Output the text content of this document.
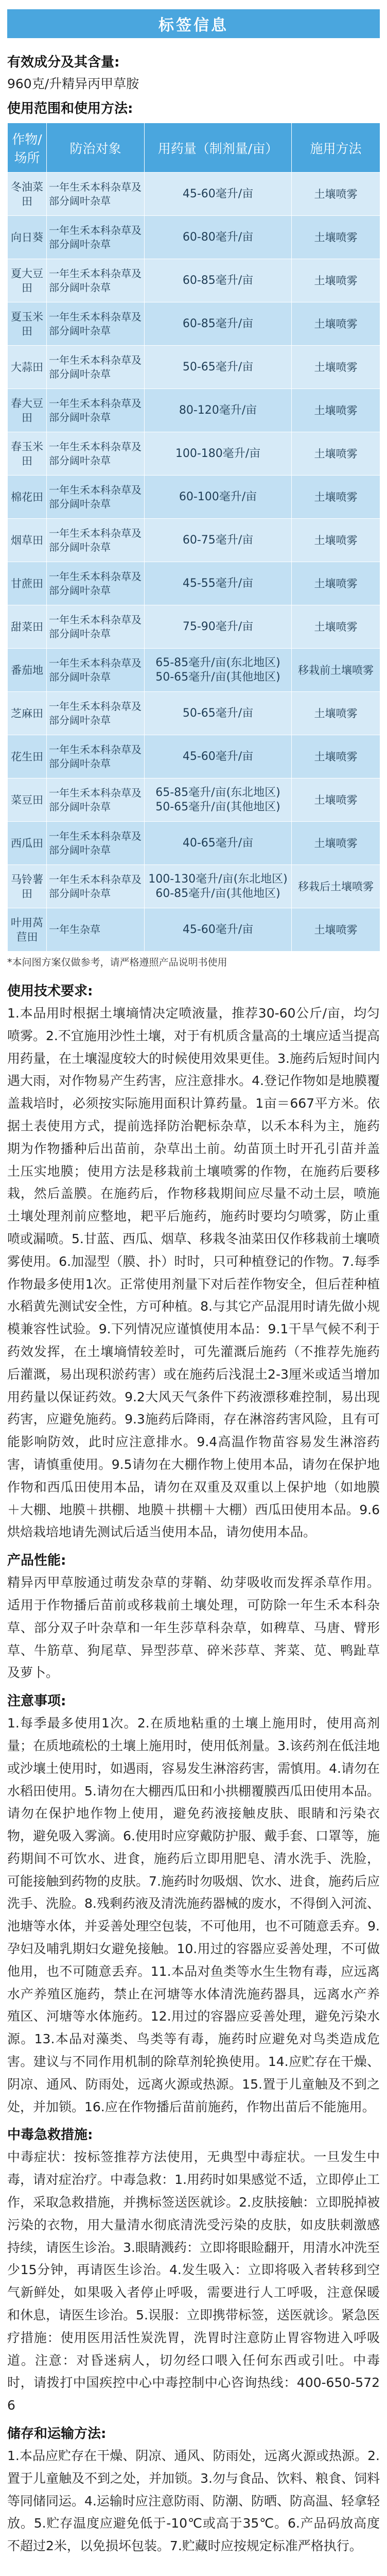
标签信息
有效成分及其含量:
960克/升精异丙甲草胺
使用范围和使用方法:
作物/场所	防治对象	用药量（制剂量/亩）	施用方法
冬油菜田	一年生禾本科杂草及部分阔叶杂草	45-60毫升/亩	土壤喷雾
向日葵	一年生禾本科杂草及部分阔叶杂草	60-80毫升/亩	土壤喷雾
夏大豆田	一年生禾本科杂草及部分阔叶杂草	60-85毫升/亩	土壤喷雾
夏玉米田	一年生禾本科杂草及部分阔叶杂草	60-85毫升/亩	土壤喷雾
大蒜田	一年生禾本科杂草及部分阔叶杂草	50-65毫升/亩	土壤喷雾
春大豆田	一年生禾本科杂草及部分阔叶杂草	80-120毫升/亩	土壤喷雾
春玉米田	一年生禾本科杂草及部分阔叶杂草	100-180毫升/亩	土壤喷雾
棉花田	一年生禾本科杂草及部分阔叶杂草	60-100毫升/亩	土壤喷雾
烟草田	一年生禾本科杂草及部分阔叶杂草	60-75毫升/亩	土壤喷雾
甘蔗田	一年生禾本科杂草及部分阔叶杂草	45-55毫升/亩	土壤喷雾
甜菜田	一年生禾本科杂草及部分阔叶杂草	75-90毫升/亩	土壤喷雾
番茄地	一年生禾本科杂草及部分阔叶杂草	65-85毫升/亩(东北地区) 50-65毫升/亩(其他地区)	移栽前土壤喷雾
芝麻田	一年生禾本科杂草及部分阔叶杂草	50-65毫升/亩	土壤喷雾
花生田	一年生禾本科杂草及部分阔叶杂草	45-60毫升/亩	土壤喷雾
菜豆田	一年生禾本科杂草及部分阔叶杂草	65-85毫升/亩(东北地区) 50-65毫升/亩(其他地区)	土壤喷雾
西瓜田	一年生禾本科杂草及部分阔叶杂草	40-65毫升/亩	土壤喷雾
马铃薯田	一年生禾本科杂草及部分阔叶杂草	100-130毫升/亩(东北地区) 60-85毫升/亩(其他地区)	移栽后土壤喷雾
叶用莴苣田	一年生杂草	45-60毫升/亩	土壤喷雾
*本问图方案仅做参考，请严格遵照产品说明书使用
使用技术要求:
1.本品用时根据土壤墒情决定喷液量，推荐30-60公斤/亩，均匀喷雾。2.不宜施用沙性土壤，对于有机质含量高的土壤应适当提高用药量，在土壤湿度较大的时候使用效果更佳。3.施药后短时间内遇大雨，对作物易产生药害，应注意排水。4.登记作物如是地膜覆盖栽培时，必须按实际施用面积计算药量。1亩＝667平方米。依据土表使用方式，提前选择防治靶标杂草，以禾本科为主，施药期为作物播种后出苗前，杂草出土前。幼苗顶土时开孔引苗并盖土压实地膜；使用方法是移栽前土壤喷雾的作物，在施药后要移栽，然后盖膜。在施药后，作物移栽期间应尽量不动土层，喷施土壤处理剂前应整地，耙平后施药，施药时要均匀喷雾，防止重喷或漏喷。5.甘蓝、西瓜、烟草、移栽冬油菜田仅作移栽前土壤喷雾使用。6.加湿型（膜、扑）时时，只可种植登记的作物。7.每季作物最多使用1次。正常使用剂量下对后茬作物安全，但后茬种植水稻黄先测试安全性，方可种植。8.与其它产品混用时请先做小规模兼容性试验。9.下列情况应谨慎使用本品：9.1干旱气候不利于药效发挥，在土壤墒情较差时，可先灌溉后施药（不推荐先施药后灌溉，易出现积淤药害）或在施药后浅混土2-3厘米或适当增加用药量以保证药效。9.2大风天气条件下药液漂移难控制，易出现药害，应避免施药。9.3施药后降雨，存在淋溶药害风险，且有可能影响防效，此时应注意排水。9.4高温作物苗容易发生淋溶药害，请慎重使用。9.5请勿在大棚作物上使用本品，请勿在保护地作物和西瓜田使用本品，请勿在双重及双重以上保护地（如地膜＋大棚、地膜＋拱棚、地膜＋拱棚＋大棚）西瓜田使用本品。9.6烘焙栽培地请先测试后适当使用本品，请勿使用本品。
产品性能:
精异丙甲草胺通过萌发杂草的芽鞘、幼芽吸收而发挥杀草作用。适用于作物播后苗前或移栽前土壤处理，可防除一年生禾本科杂草、部分双子叶杂草和一年生莎草科杂草，如稗草、马唐、臂形草、牛筋草、狗尾草、异型莎草、碎米莎草、荠菜、苋、鸭趾草及萝卜。
注意事项:
1.每季最多使用1次。2.在质地粘重的土壤上施用时，使用高剂量；在质地疏松的土壤上施用时，使用低剂量。3.该药剂在低洼地或沙壤土使用时，如遇雨，容易发生淋溶药害，需慎用。4.请勿在水稻田使用。5.请勿在大棚西瓜田和小拱棚覆膜西瓜田使用本品。请勿在保护地作物上使用，避免药液接触皮肤、眼睛和污染衣物，避免吸入雾滴。6.使用时应穿戴防护服、戴手套、口罩等，施药期间不可饮水、进食，施药后立即用肥皂、清水洗手、洗脸，可能接触到药物的皮肤。7.施药时勿吸烟、饮水、进食，施药后应洗手、洗脸。8.残剩药液及清洗施药器械的废水，不得倒入河流、池塘等水体，并妥善处理空包装，不可他用，也不可随意丢弃。9.孕妇及哺乳期妇女避免接触。10.用过的容器应妥善处理，不可做他用，也不可随意丢弃。11.本品对鱼类等水生生物有毒，应远离水产养殖区施药，禁止在河塘等水体清洗施药器具，远离水产养殖区、河塘等水体施药。12.用过的容器应妥善处理，避免污染水源。13.本品对藻类、鸟类等有毒，施药时应避免对鸟类造成危害。建议与不同作用机制的除草剂轮换使用。14.应贮存在干燥、阴凉、通风、防雨处，远离火源或热源。15.置于儿童触及不到之处，并加锁。16.应在作物播后苗前施药，作物出苗后不能施用。
中毒急救措施:
中毒症状：按标签推荐方法使用，无典型中毒症状。一旦发生中毒，请对症治疗。中毒急救：1.用药时如果感觉不适，立即停止工作，采取急救措施，并携标签送医就诊。2.皮肤接触：立即脱掉被污染的衣物，用大量清水彻底清洗受污染的皮肤，如皮肤刺激感持续，请医生诊治。3.眼睛溅药：立即将眼睑翻开，用清水冲洗至少15分钟，再请医生诊治。4.发生吸入：立即将吸入者转移到空气新鲜处，如果吸入者停止呼吸，需要进行人工呼吸，注意保暖和休息，请医生诊治。5.误服：立即携带标签，送医就诊。紧急医疗措施：使用医用活性炭洗胃，洗胃时注意防止胃容物进入呼吸道。注意：对昏迷病人，切勿经口喂入任何东西或引吐。中毒时，请拨打中国疾控中心中毒控制中心咨询热线：400-650-5726
储存和运输方法:
1.本品应贮存在干燥、阴凉、通风、防雨处，远离火源或热源。2.置于儿童触及不到之处，并加锁。3.勿与食品、饮料、粮食、饲料等同储同运。4.运输时应注意防雨、防潮、防晒、防高温、轻拿轻放。5.贮存温度应避免低于-10℃或高于35℃。6.产品码放高度不超过2米，以免损坏包装。7.贮藏时应按规定标准严格执行。
